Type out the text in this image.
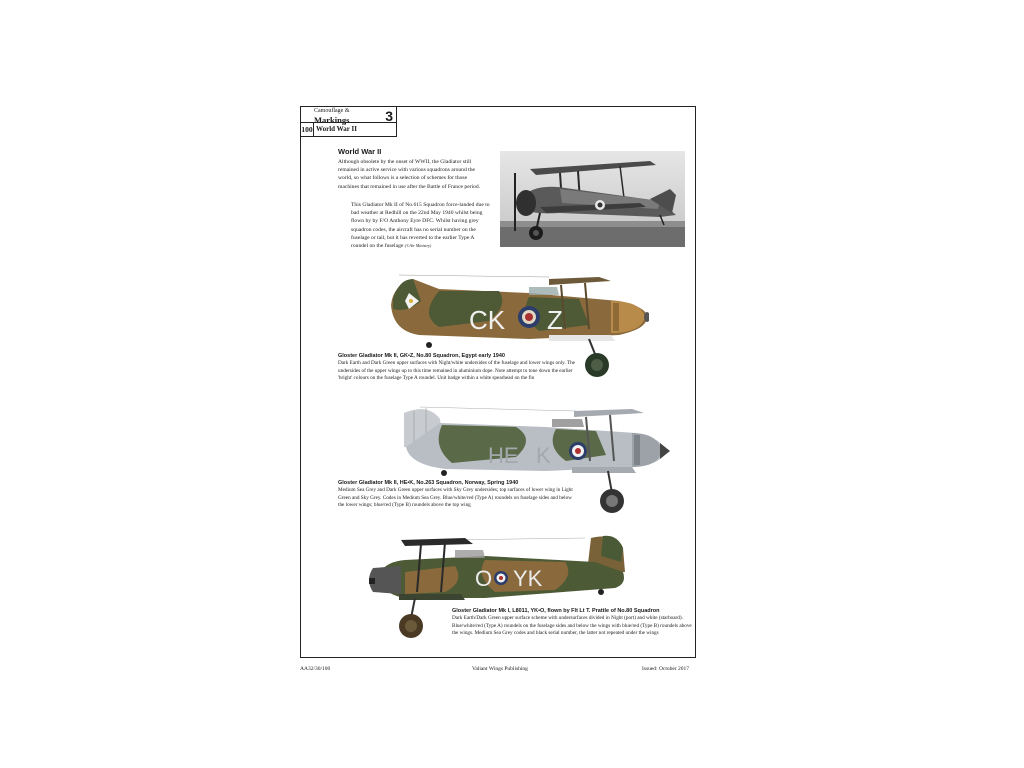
Camouflage &
Markings	3
100 World War II
World War II
Although obsolete by the onset of WWII, the Gladiator still remained in active service with various squadrons around the world, so what follows is a selection of schemes for those machines that remained in use after the Battle of France period.
This Gladiator Mk II of No.615 Squadron force-landed due to bad weather at Redhill on the 22nd May 1940 whilst being flown by by F/O Anthony Eyre DFC. Whilst having grey squadron codes, the aircraft has no serial number on the fuselage or tail, but it has reverted to the earlier Type A roundel on the fuselage (©Air Ministry)
CK Z
Gloster Gladiator Mk II, GK•Z, No.80 Squadron, Egypt early 1940
Dark Earth and Dark Green upper surfaces with Night/white undersides of the fuselage and lower wings only. The undersides of the upper wings up to this time remained in aluminium dope. Note attempt to tone down the earlier 'bright' colours on the fuselage Type A roundel. Unit badge within a white spearhead on the fin
HE K
Gloster Gladiator Mk II, HE•K, No.263 Squadron, Norway, Spring 1940
Medium Sea Grey and Dark Green upper surfaces with Sky Grey undersides; top surfaces of lower wing in Light Green and Sky Grey. Codes in Medium Sea Grey. Blue/white/red (Type A) roundels on fuselage sides and below the lower wings; blue/red (Type B) roundels above the top wing
O YK
Gloster Gladiator Mk I, L8011, YK•O, flown by Flt Lt T. Prattle of No.80 Squadron
Dark Earth/Dark Green upper surface scheme with undersurfaces divided in Night (port) and white (starboard). Blue/white/red (Type A) roundels on the fuselage sides and below the wings with blue/red (Type B) roundels above the wings. Medium Sea Grey codes and black serial number, the latter not repeated under the wings
AA32/30/100	Valiant Wings Publishing	Issued: October 2017
